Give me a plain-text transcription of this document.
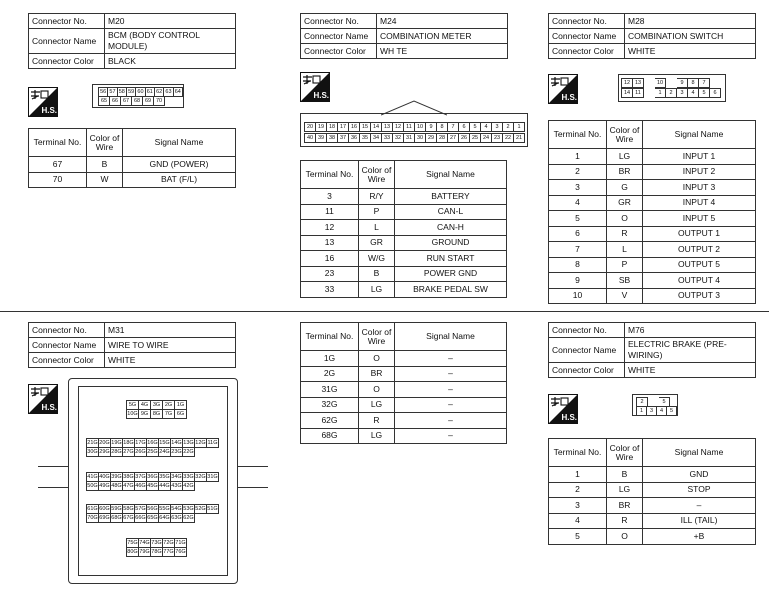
Connector No.	M20
Connector Name	BCM (BODY CONTROL MODULE)
Connector Color	BLACK
H.S.
56	57	58	59	60	61	62	63	64
65	66	67	68	69	70
Terminal No.	Color of Wire	Signal Name
67	B	GND (POWER)
70	W	BAT (F/L)
Connector No.	M24
Connector Name	COMBINATION METER
Connector Color	WH TE
H.S.
20	19	18	17	16	15	14	13	12	11	10	9	8	7	6	5	4	3	2	1
40	39	38	37	36	35	34	33	32	31	30	29	28	27	26	25	24	23	22	21
Terminal No.	Color of Wire	Signal Name
3	R/Y	BATTERY
11	P	CAN-L
12	L	CAN-H
13	GR	GROUND
16	W/G	RUN START
23	B	POWER GND
33	LG	BRAKE PEDAL SW
Connector No.	M28
Connector Name	COMBINATION SWITCH
Connector Color	WHITE
H.S.
12	13		10		9	8	7
14	11		1	2	3	4	5	6
Terminal No.	Color of Wire	Signal Name
1	LG	INPUT 1
2	BR	INPUT 2
3	G	INPUT 3
4	GR	INPUT 4
5	O	INPUT 5
6	R	OUTPUT 1
7	L	OUTPUT 2
8	P	OUTPUT 5
9	SB	OUTPUT 4
10	V	OUTPUT 3
Connector No.	M31
Connector Name	WIRE TO WIRE
Connector Color	WHITE
H.S.	5G	4G	3G	2G	1G
10G	9G	8G	7G	6G
21G	20G	19G	18G	17G	16G	15G	14G	13G	12G	11G
30G	29G	28G	27G	26G	25G	24G	23G	22G		
41G	40G	39G	38G	37G	36G	35G	34G	33G	32G	31G
50G	49G	48G	47G	46G	45G	44G	43G	42G		
61G	60G	59G	58G	57G	56G	55G	54G	53G	52G	51G
70G	69G	68G	67G	66G	65G	64G	63G	62G		
75G	74G	73G	72G	71G
80G	79G	78G	77G	76G
Terminal No.	Color of Wire	Signal Name
1G	O	–
2G	BR	–
31G	O	–
32G	LG	–
62G	R	–
68G	LG	–
Connector No.	M76
Connector Name	ELECTRIC BRAKE (PRE-WIRING)
Connector Color	WHITE
H.S.
2		5
1	3	4	5
Terminal No.	Color of Wire	Signal Name
1	B	GND
2	LG	STOP
3	BR	–
4	R	ILL (TAIL)
5	O	+B
